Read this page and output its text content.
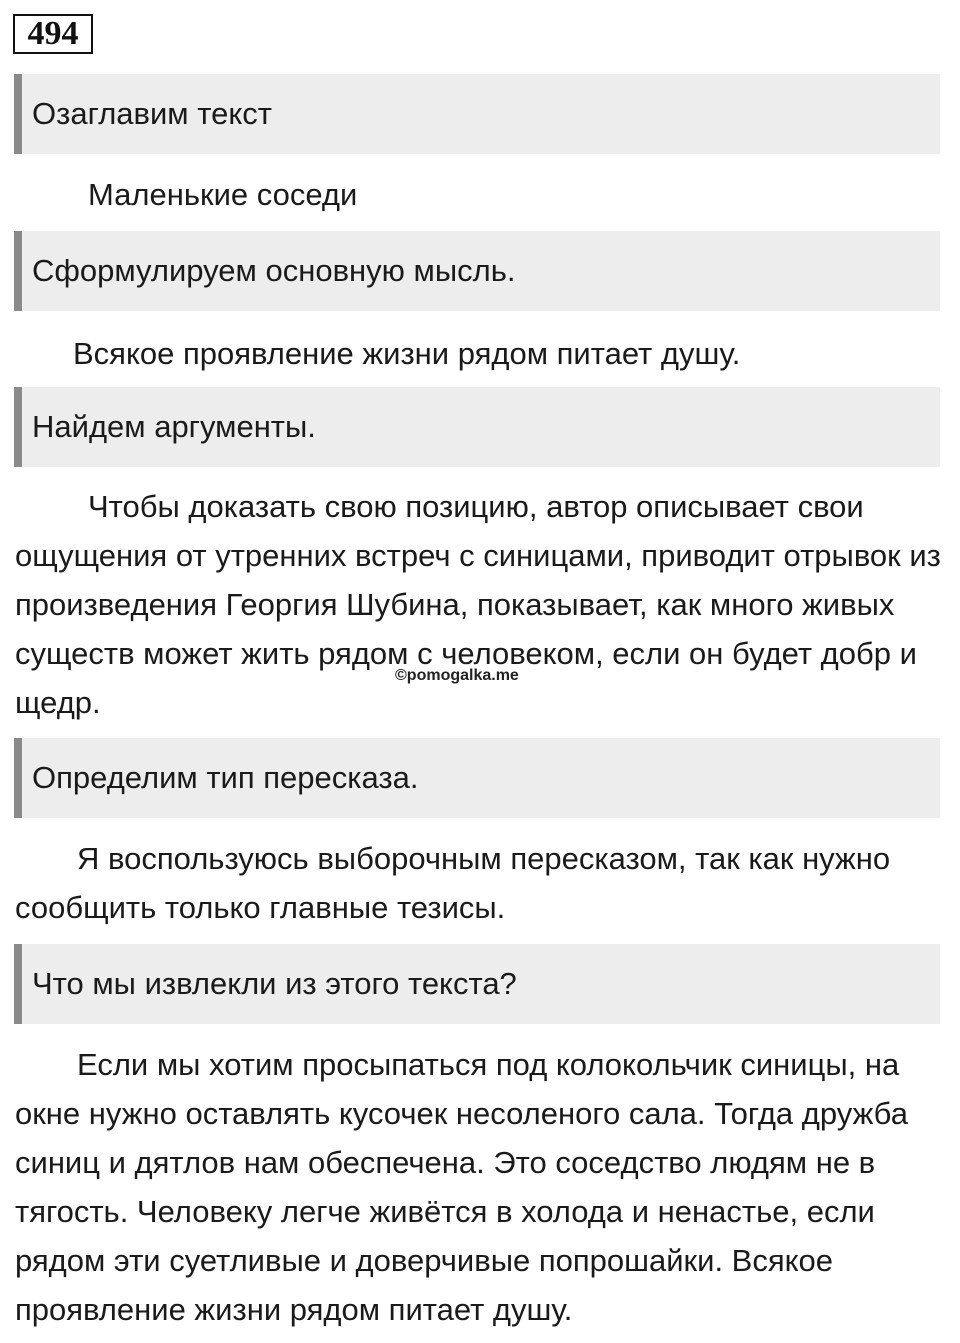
494
Озаглавим текст
Маленькие соседи
Сформулируем основную мысль.
Всякое проявление жизни рядом питает душу.
Найдем аргументы.

Чтобы доказать свою позицию, автор описывает свои ощущения от утренних встреч с синицами, приводит отрывок из произведения Георгия Шубина, показывает, как много живых существ может жить рядом с человеком, если он будет добр и щедр.

©pomogalka.me
Определим тип пересказа.

Я воспользуюсь выборочным пересказом, так как нужно сообщить только главные тезисы.

Что мы извлекли из этого текста?

Если мы хотим просыпаться под колокольчик синицы, на окне нужно оставлять кусочек несоленого сала. Тогда дружба синиц и дятлов нам обеспечена. Это соседство людям не в тягость. Человеку легче живётся в холода и ненастье, если рядом эти суетливые и доверчивые попрошайки. Всякое проявление жизни рядом питает душу.
